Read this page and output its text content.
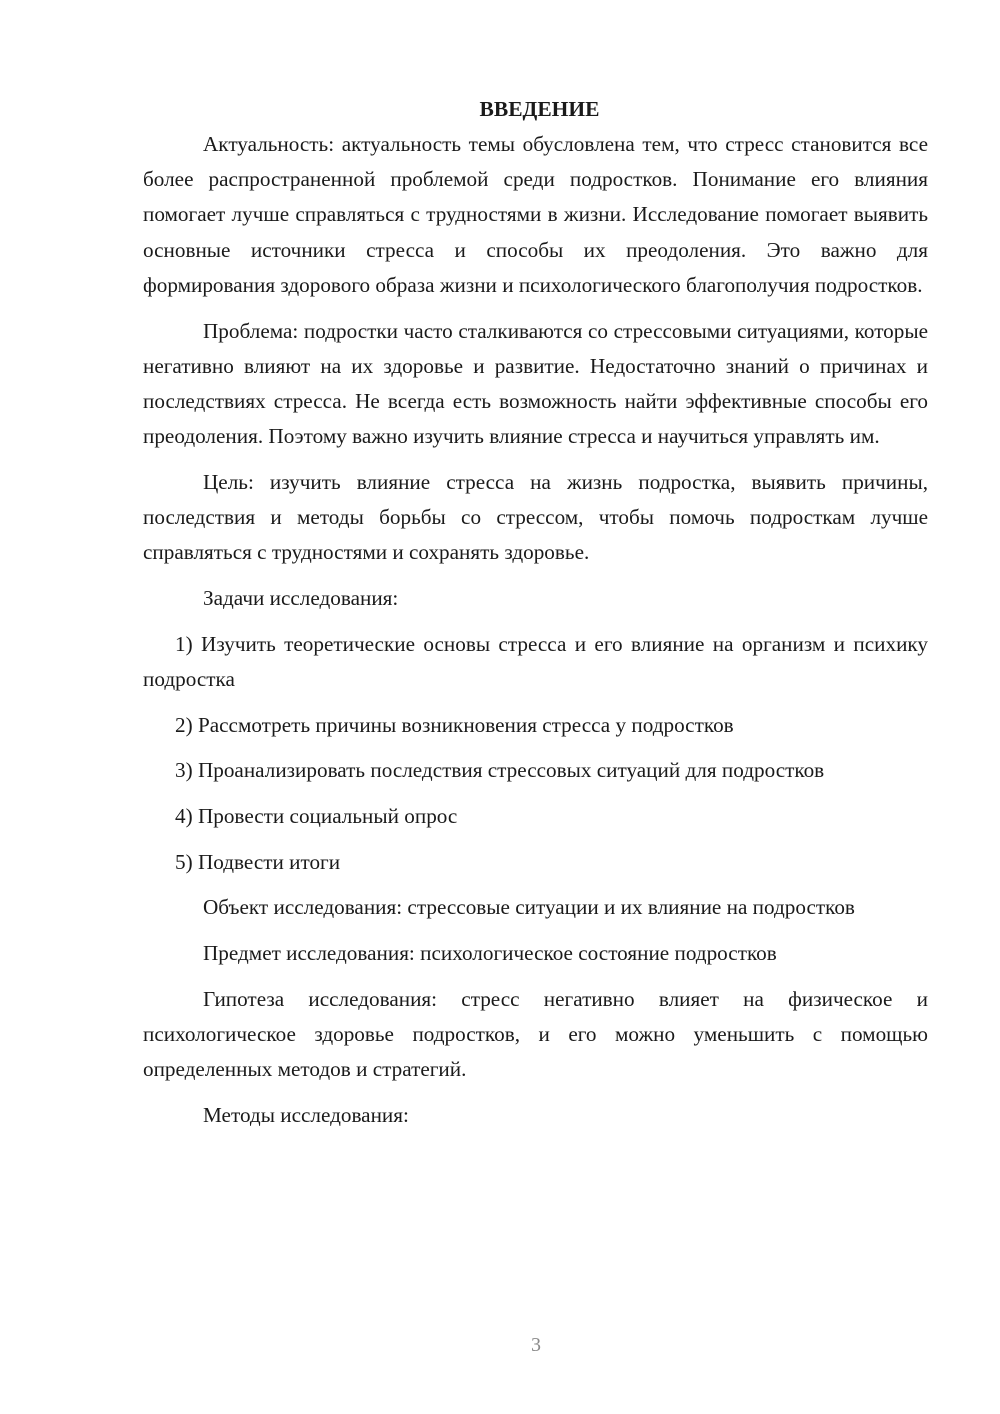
ВВЕДЕНИЕ

Актуальность: актуальность темы обусловлена тем, что стресс становится все более распространенной проблемой среди подростков. Понимание его влияния помогает лучше справляться с трудностями в жизни. Исследование помогает выявить основные источники стресса и способы их преодоления. Это важно для формирования здорового образа жизни и психологического благополучия подростков.

Проблема: подростки часто сталкиваются со стрессовыми ситуациями, которые негативно влияют на их здоровье и развитие. Недостаточно знаний о причинах и последствиях стресса. Не всегда есть возможность найти эффективные способы его преодоления. Поэтому важно изучить влияние стресса и научиться управлять им.

Цель: изучить влияние стресса на жизнь подростка, выявить причины, последствия и методы борьбы со стрессом, чтобы помочь подросткам лучше справляться с трудностями и сохранять здоровье.

Задачи исследования:

1) Изучить теоретические основы стресса и его влияние на организм и психику подростка

2) Рассмотреть причины возникновения стресса у подростков

3) Проанализировать последствия стрессовых ситуаций для подростков

4) Провести социальный опрос

5) Подвести итоги

Объект исследования: стрессовые ситуации и их влияние на подростков

Предмет исследования: психологическое состояние подростков

Гипотеза исследования: стресс негативно влияет на физическое и психологическое здоровье подростков, и его можно уменьшить с помощью определенных методов и стратегий.

Методы исследования:

3
